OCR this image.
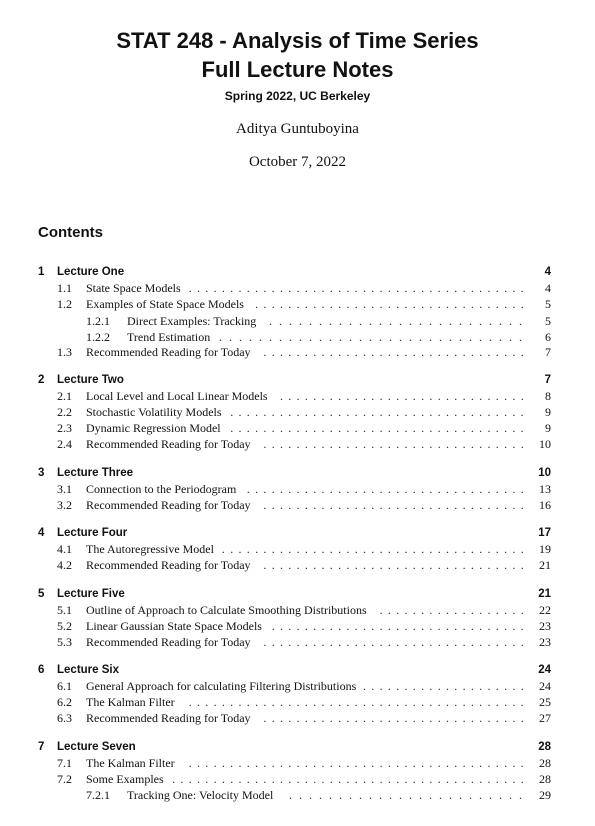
STAT 248 - Analysis of Time Series
Full Lecture Notes
Spring 2022, UC Berkeley
Aditya Guntuboyina
October 7, 2022
Contents
1 Lecture One	4
1.1 State Space Models	4
.........................................
1.2 Examples of State Space Models	5
.................................
1.2.1 Direct Examples: Tracking	5
..........................
1.2.2 Trend Estimation	6
...............................
1.3 Recommended Reading for Today	7
................................
2 Lecture Two	7
2.1 Local Level and Local Linear Models	8
..............................
2.2 Stochastic Volatility Models	9
....................................
2.3 Dynamic Regression Model	9
....................................
2.4 Recommended Reading for Today	10
................................
3 Lecture Three	10
3.1 Connection to the Periodogram	13
..................................
3.2 Recommended Reading for Today	16
................................
4 Lecture Four	17
4.1 The Autoregressive Model	19
.....................................
4.2 Recommended Reading for Today	21
................................
5 Lecture Five	21
5.1 Outline of Approach to Calculate Smoothing Distributions	22
..................
5.2 Linear Gaussian State Space Models	23
...............................
5.3 Recommended Reading for Today	23
................................
6 Lecture Six	24
6.1 General Approach for calculating Filtering Distributions	24
....................
6.2 The Kalman Filter	25
.........................................
6.3 Recommended Reading for Today	27
................................
7 Lecture Seven	28
7.1 The Kalman Filter	28
.........................................
7.2 Some Examples	28
...........................................
7.2.1 Tracking One: Velocity Model	29
........................
